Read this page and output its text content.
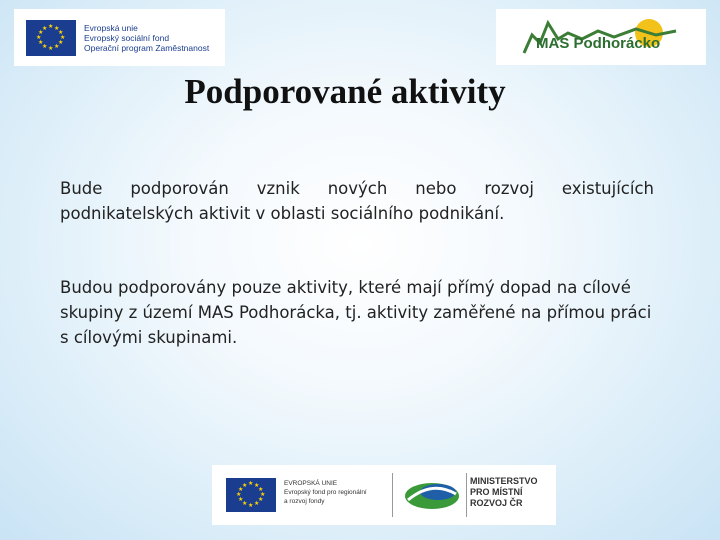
★ ★
★
★
★
★
★
★
★
★
★
★	Evropská unie
Evropský sociální fond
Operační program Zaměstnanost	MAS Podhorácko
Podporované aktivity

Bude podporován vznik nových nebo rozvoj existujících podnikatelských aktivit v oblasti sociálního podnikání.

Budou podporovány pouze aktivity, které mají přímý dopad na cílové skupiny z území MAS Podhorácka, tj. aktivity zaměřené na přímou práci s cílovými skupinami.

★ ★
★
★
★
★
★
★
★
★
★
★	EVROPSKÁ UNIE
Evropský fond pro regionální
a rozvoj fondy
MINISTERSTVO
PRO MÍSTNÍ
ROZVOJ ČR
